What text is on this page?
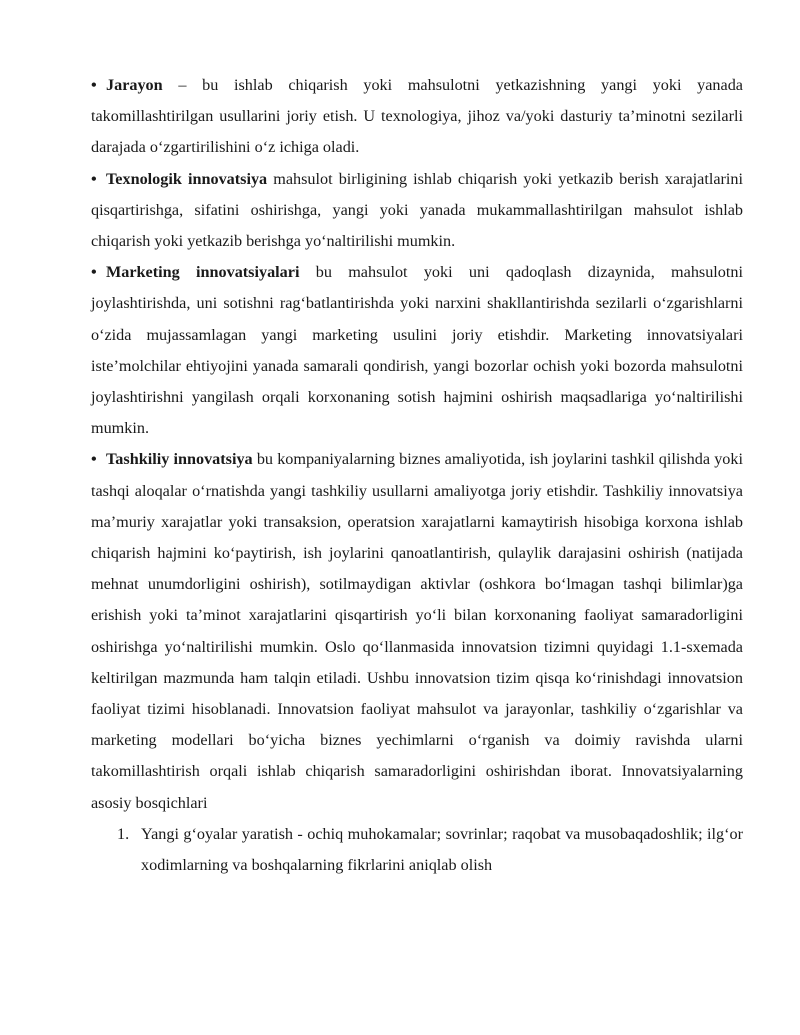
• Jarayon – bu ishlab chiqarish yoki mahsulotni yetkazishning yangi yoki yanada takomillashtirilgan usullarini joriy etish. U texnologiya, jihoz va/yoki dasturiy ta’minotni sezilarli darajada o‘zgartirilishini o‘z ichiga oladi.

• Texnologik innovatsiya mahsulot birligining ishlab chiqarish yoki yetkazib berish xarajatlarini qisqartirishga, sifatini oshirishga, yangi yoki yanada mukammallashtirilgan mahsulot ishlab chiqarish yoki yetkazib berishga yo‘naltirilishi mumkin.

• Marketing innovatsiyalari bu mahsulot yoki uni qadoqlash dizaynida, mahsulotni joylashtirishda, uni sotishni rag‘batlantirishda yoki narxini shakllantirishda sezilarli o‘zgarishlarni o‘zida mujassamlagan yangi marketing usulini joriy etishdir. Marketing innovatsiyalari iste’molchilar ehtiyojini yanada samarali qondirish, yangi bozorlar ochish yoki bozorda mahsulotni joylashtirishni yangilash orqali korxonaning sotish hajmini oshirish maqsadlariga yo‘naltirilishi mumkin.

• Tashkiliy innovatsiya bu kompaniyalarning biznes amaliyotida, ish joylarini tashkil qilishda yoki tashqi aloqalar o‘rnatishda yangi tashkiliy usullarni amaliyotga joriy etishdir. Tashkiliy innovatsiya ma’muriy xarajatlar yoki transaksion, operatsion xarajatlarni kamaytirish hisobiga korxona ishlab chiqarish hajmini ko‘paytirish, ish joylarini qanoatlantirish, qulaylik darajasini oshirish (natijada mehnat unumdorligini oshirish), sotilmaydigan aktivlar (oshkora bo‘lmagan tashqi bilimlar)ga erishish yoki ta’minot xarajatlarini qisqartirish yo‘li bilan korxonaning faoliyat samaradorligini oshirishga yo‘naltirilishi mumkin. Oslo qo‘llanmasida innovatsion tizimni quyidagi 1.1-sxemada keltirilgan mazmunda ham talqin etiladi. Ushbu innovatsion tizim qisqa ko‘rinishdagi innovatsion faoliyat tizimi hisoblanadi. Innovatsion faoliyat mahsulot va jarayonlar, tashkiliy o‘zgarishlar va marketing modellari bo‘yicha biznes yechimlarni o‘rganish va doimiy ravishda ularni takomillashtirish orqali ishlab chiqarish samaradorligini oshirishdan iborat. Innovatsiyalarning asosiy bosqichlari

1. Yangi g‘oyalar yaratish - ochiq muhokamalar; sovrinlar; raqobat va musobaqadoshlik; ilg‘or xodimlarning va boshqalarning fikrlarini aniqlab olish
